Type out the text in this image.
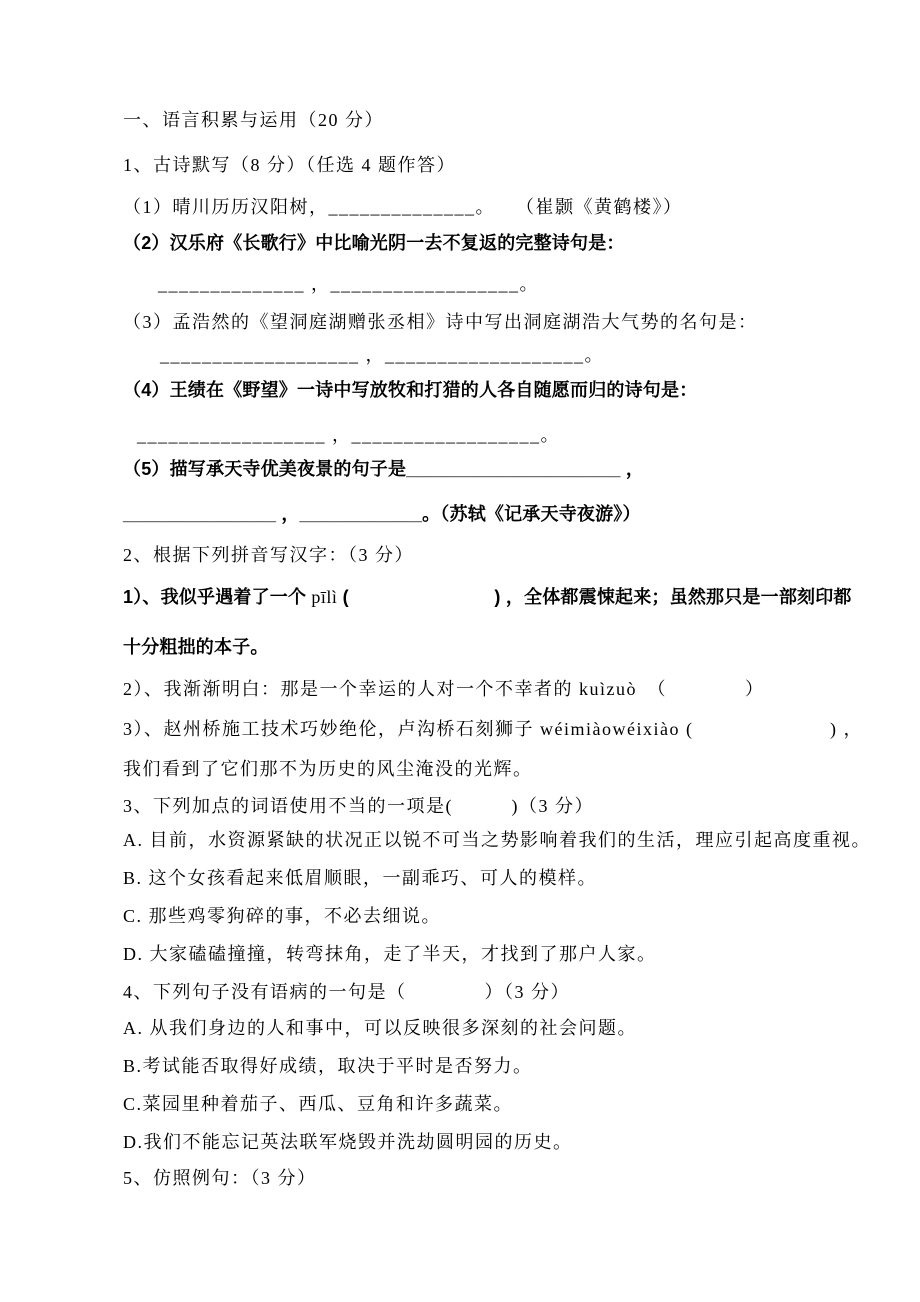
一、语言积累与运用（20 分）
1、古诗默写（8 分）（任选 4 题作答）
（1）晴川历历汉阳树，______________。　　（崔颢《黄鹤楼》）
（2）汉乐府《长歌行》中比喻光阴一去不复返的完整诗句是：
______________ ，__________________。
（3）孟浩然的《望洞庭湖赠张丞相》诗中写出洞庭湖浩大气势的名句是：
___________________ ，___________________。
（4）王绩在《野望》一诗中写放牧和打猎的人各自随愿而归的诗句是：
__________________ ，__________________。
（5）描写承天寺优美夜景的句子是_____________________ ，
_______________ ，____________。（苏轼《记承天寺夜游》）
2、根据下列拼音写汉字：（3 分）
1）、我似乎遇着了一个 pīlì (　　　　　　　　) ，全体都震悚起来；虽然那只是一部刻印都
十分粗拙的本子。
2）、我渐渐明白：那是一个幸运的人对一个不幸者的 kuìzuò　（　　　　）
3）、赵州桥施工技术巧妙绝伦，卢沟桥石刻狮子 wéimiàowéixiào (　　　　　　　) ，
我们看到了它们那不为历史的风尘淹没的光辉。
3、下列加点的词语使用不当的一项是(　　　)（3 分）
A. 目前，水资源紧缺的状况正以锐不可当之势影响着我们的生活，理应引起高度重视。
B. 这个女孩看起来低眉顺眼，一副乖巧、可人的模样。
C. 那些鸡零狗碎的事，不必去细说。
D. 大家磕磕撞撞，转弯抹角，走了半天，才找到了那户人家。
4、下列句子没有语病的一句是（　　　　）（3 分）
A. 从我们身边的人和事中，可以反映很多深刻的社会问题。
B.考试能否取得好成绩，取决于平时是否努力。
C.菜园里种着茄子、西瓜、豆角和许多蔬菜。
D.我们不能忘记英法联军烧毁并洗劫圆明园的历史。
5、仿照例句：（3 分）
